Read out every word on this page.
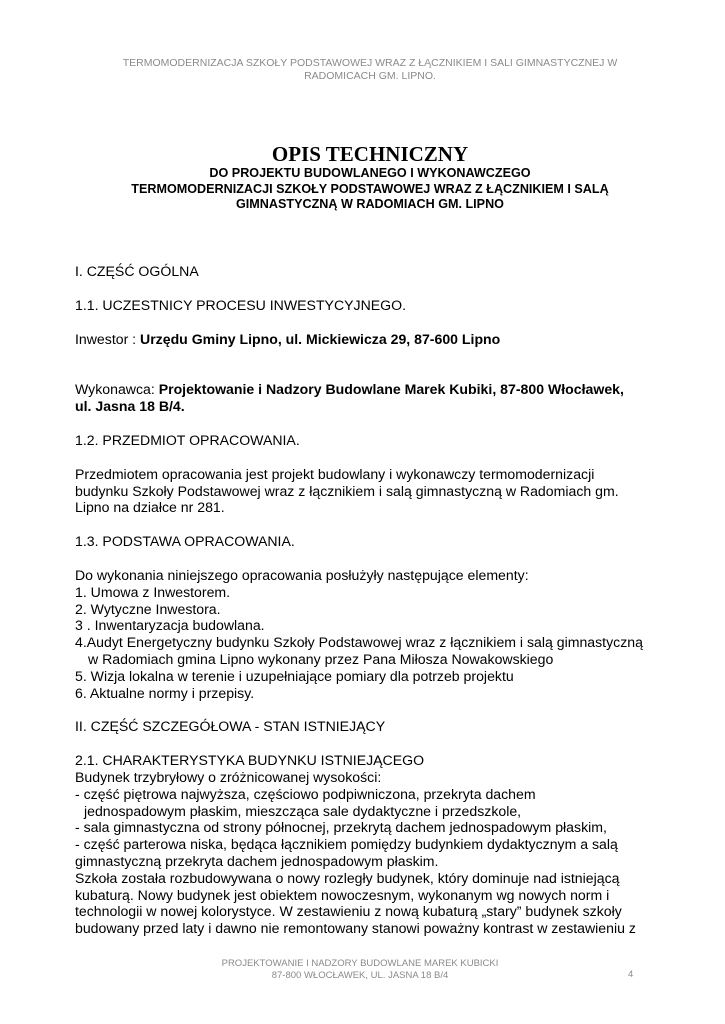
TERMOMODERNIZACJA SZKOŁY PODSTAWOWEJ WRAZ Z ŁĄCZNIKIEM I SALI GIMNASTYCZNEJ W
RADOMICACH GM. LIPNO.
OPIS TECHNICZNY
DO PROJEKTU BUDOWLANEGO I WYKONAWCZEGO
TERMOMODERNIZACJI SZKOŁY PODSTAWOWEJ WRAZ Z ŁĄCZNIKIEM I SALĄ
GIMNASTYCZNĄ W RADOMIACH GM. LIPNO

I. CZĘŚĆ OGÓLNA

1.1. UCZESTNICY PROCESU INWESTYCYJNEGO.

Inwestor : Urzędu Gminy Lipno, ul. Mickiewicza 29, 87-600 Lipno

Wykonawca: Projektowanie i Nadzory Budowlane Marek Kubiki, 87-800 Włocławek,

ul. Jasna 18 B/4.

1.2. PRZEDMIOT OPRACOWANIA.

Przedmiotem opracowania jest projekt budowlany i wykonawczy termomodernizacji

budynku Szkoły Podstawowej wraz z łącznikiem i salą gimnastyczną w Radomiach gm.

Lipno na działce nr 281.

1.3. PODSTAWA OPRACOWANIA.

Do wykonania niniejszego opracowania posłużyły następujące elementy:

1. Umowa z Inwestorem.

2. Wytyczne Inwestora.

3 . Inwentaryzacja budowlana.

4.Audyt Energetyczny budynku Szkoły Podstawowej wraz z łącznikiem i salą gimnastyczną

w Radomiach gmina Lipno wykonany przez Pana Miłosza Nowakowskiego

5. Wizja lokalna w terenie i uzupełniające pomiary dla potrzeb projektu

6. Aktualne normy i przepisy.

II. CZĘŚĆ SZCZEGÓŁOWA - STAN ISTNIEJĄCY

2.1. CHARAKTERYSTYKA BUDYNKU ISTNIEJĄCEGO

Budynek trzybryłowy o zróżnicowanej wysokości:

- część piętrowa najwyższa, częściowo podpiwniczona, przekryta dachem

jednospadowym płaskim, mieszcząca sale dydaktyczne i przedszkole,

- sala gimnastyczna od strony północnej, przekrytą dachem jednospadowym płaskim,

- część parterowa niska, będąca łącznikiem pomiędzy budynkiem dydaktycznym a salą

gimnastyczną przekryta dachem jednospadowym płaskim.

Szkoła została rozbudowywana o nowy rozległy budynek, który dominuje nad istniejącą

kubaturą. Nowy budynek jest obiektem nowoczesnym, wykonanym wg nowych norm i

technologii w nowej kolorystyce. W zestawieniu z nową kubaturą „stary” budynek szkoły

budowany przed laty i dawno nie remontowany stanowi poważny kontrast w zestawieniu z

PROJEKTOWANIE I NADZORY BUDOWLANE MAREK KUBICKI
87-800 WŁOCŁAWEK, UL. JASNA 18 B/4	4
